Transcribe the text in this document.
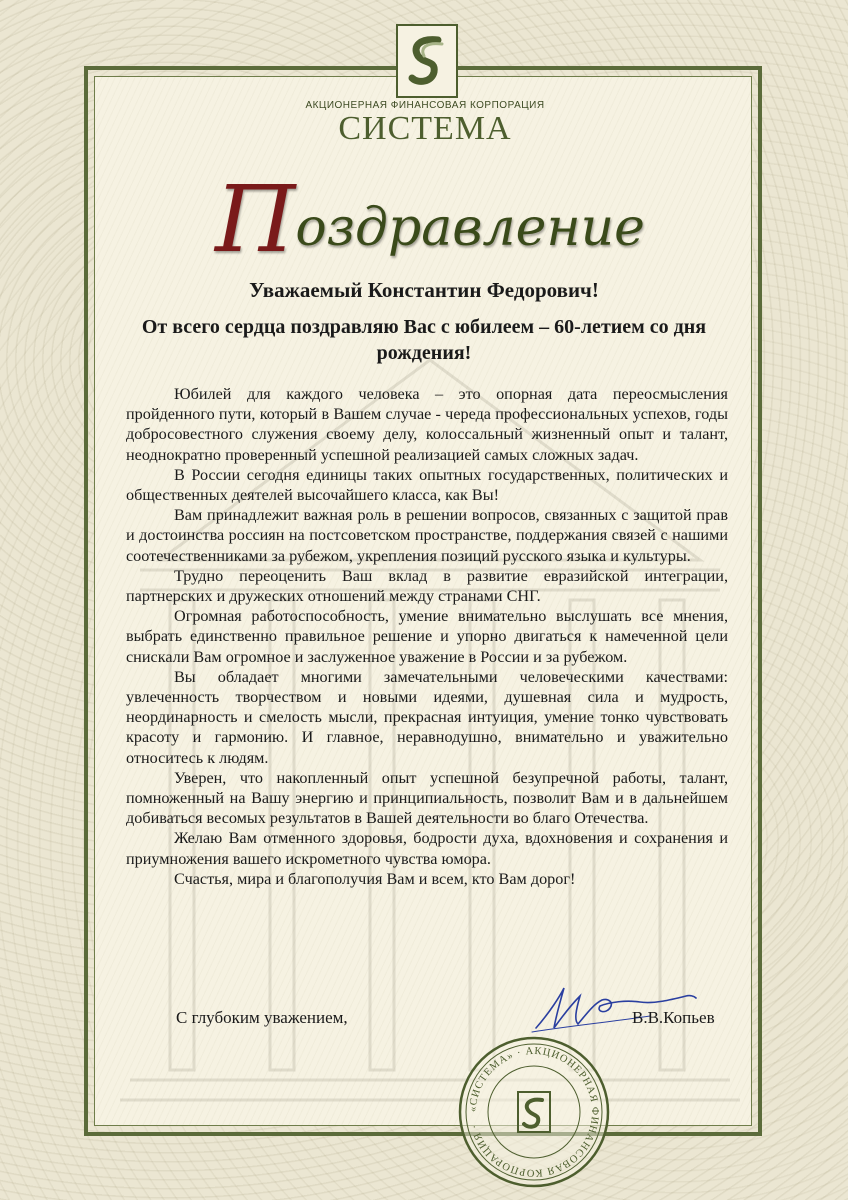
АКЦИОНЕРНАЯ ФИНАНСОВАЯ КОРПОРАЦИЯ
СИСТЕМА
Поздравление
Уважаемый Константин Федорович!
От всего сердца поздравляю Вас с юбилеем – 60-летием со дня рождения!

Юбилей для каждого человека – это опорная дата переосмысления пройденного пути, который в Вашем случае - череда профессиональных успехов, годы добросовестного служения своему делу, колоссальный жизненный опыт и талант, неоднократно проверенный успешной реализацией самых сложных задач.

В России сегодня единицы таких опытных государственных, политических и общественных деятелей высочайшего класса, как Вы!

Вам принадлежит важная роль в решении вопросов, связанных с защитой прав и достоинства россиян на постсоветском пространстве, поддержания связей с нашими соотечественниками за рубежом, укрепления позиций русского языка и культуры.

Трудно переоценить Ваш вклад в развитие евразийской интеграции, партнерских и дружеских отношений между странами СНГ.

Огромная работоспособность, умение внимательно выслушать все мнения, выбрать единственно правильное решение и упорно двигаться к намеченной цели снискали Вам огромное и заслуженное уважение в России и за рубежом.

Вы обладает многими замечательными человеческими качествами: увлеченность творчеством и новыми идеями, душевная сила и мудрость, неординарность и смелость мысли, прекрасная интуиция, умение тонко чувствовать красоту и гармонию. И главное, неравнодушно, внимательно и уважительно относитесь к людям.

Уверен, что накопленный опыт успешной безупречной работы, талант, помноженный на Вашу энергию и принципиальность, позволит Вам и в дальнейшем добиваться весомых результатов в Вашей деятельности во благо Отечества.

Желаю Вам отменного здоровья, бодрости духа, вдохновения и сохранения и приумножения вашего искрометного чувства юмора.

Счастья, мира и благополучия Вам и всем, кто Вам дорог!

С глубоким уважением,	В.В.Копьев
«СИСТЕМА» · АКЦИОНЕРНАЯ ФИНАНСОВАЯ КОРПОРАЦИЯ ·
